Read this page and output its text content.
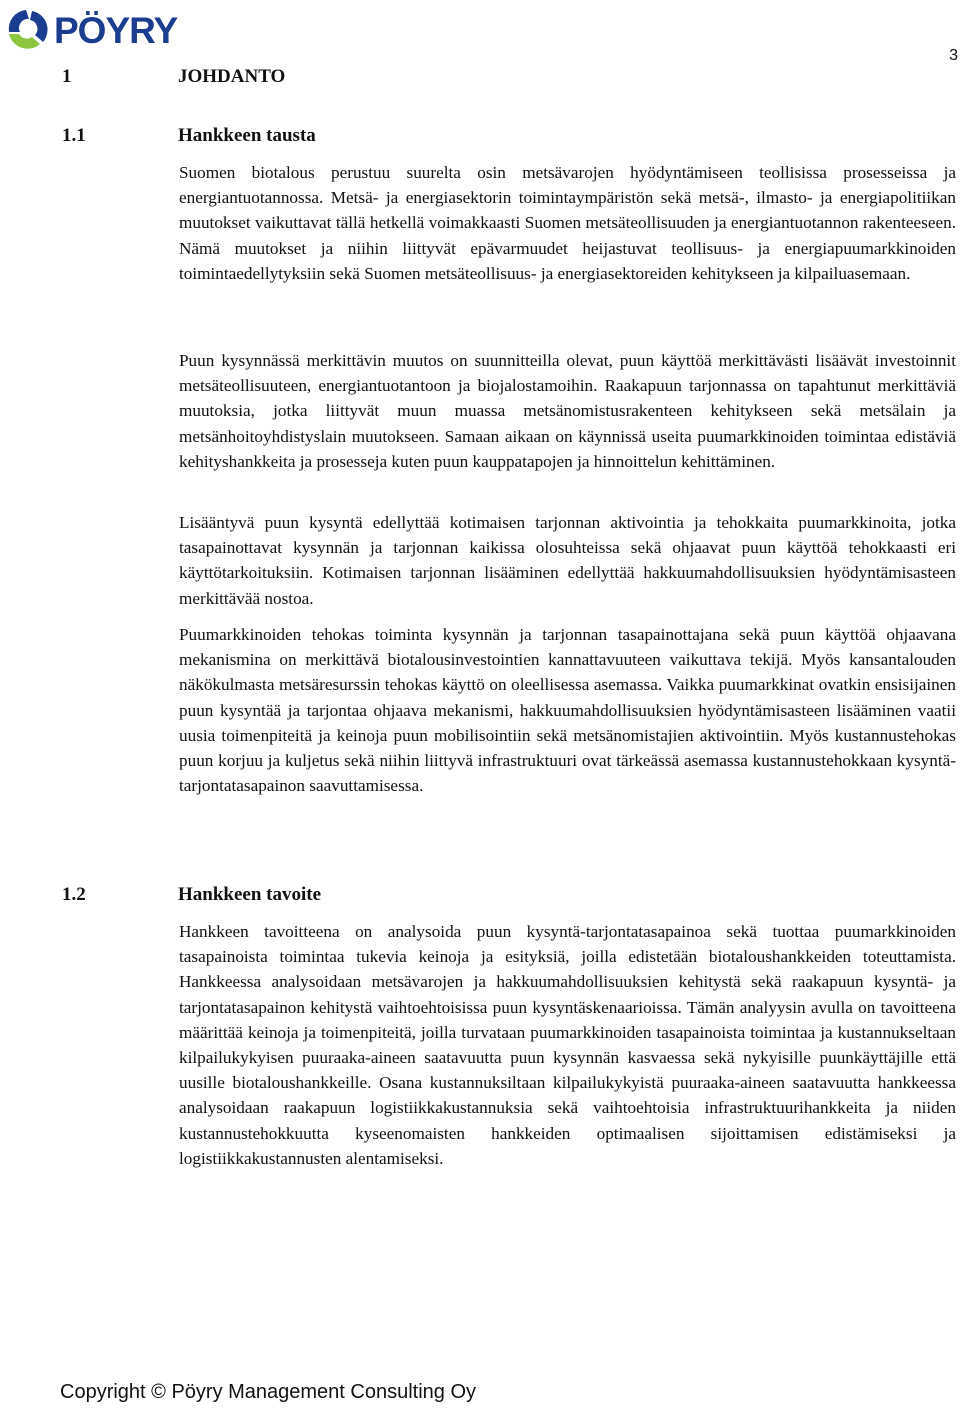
PÖYRY
3
1	JOHDANTO
1.1	Hankkeen tausta

Suomen biotalous perustuu suurelta osin metsävarojen hyödyntämiseen teollisissa prosesseissa ja energiantuotannossa. Metsä- ja energiasektorin toimintaympäristön sekä metsä-, ilmasto- ja energiapolitiikan muutokset vaikuttavat tällä hetkellä voimakkaasti Suomen metsäteollisuuden ja energiantuotannon rakenteeseen. Nämä muutokset ja niihin liittyvät epävarmuudet heijastuvat teollisuus- ja energiapuumarkkinoiden toimintaedellytyksiin sekä Suomen metsäteollisuus- ja energiasektoreiden kehitykseen ja kilpailuasemaan.

Puun kysynnässä merkittävin muutos on suunnitteilla olevat, puun käyttöä merkittävästi lisäävät investoinnit metsäteollisuuteen, energiantuotantoon ja biojalostamoihin. Raakapuun tarjonnassa on tapahtunut merkittäviä muutoksia, jotka liittyvät muun muassa metsänomistusrakenteen kehitykseen sekä metsälain ja metsänhoitoyhdistyslain muutokseen. Samaan aikaan on käynnissä useita puumarkkinoiden toimintaa edistäviä kehityshankkeita ja prosesseja kuten puun kauppatapojen ja hinnoittelun kehittäminen.

Lisääntyvä puun kysyntä edellyttää kotimaisen tarjonnan aktivointia ja tehokkaita puumarkkinoita, jotka tasapainottavat kysynnän ja tarjonnan kaikissa olosuhteissa sekä ohjaavat puun käyttöä tehokkaasti eri käyttötarkoituksiin. Kotimaisen tarjonnan lisääminen edellyttää hakkuumahdollisuuksien hyödyntämisasteen merkittävää nostoa.

Puumarkkinoiden tehokas toiminta kysynnän ja tarjonnan tasapainottajana sekä puun käyttöä ohjaavana mekanismina on merkittävä biotalousinvestointien kannattavuuteen vaikuttava tekijä. Myös kansantalouden näkökulmasta metsäresurssin tehokas käyttö on oleellisessa asemassa. Vaikka puumarkkinat ovatkin ensisijainen puun kysyntää ja tarjontaa ohjaava mekanismi, hakkuumahdollisuuksien hyödyntämisasteen lisääminen vaatii uusia toimenpiteitä ja keinoja puun mobilisointiin sekä metsänomistajien aktivointiin. Myös kustannustehokas puun korjuu ja kuljetus sekä niihin liittyvä infrastruktuuri ovat tärkeässä asemassa kustannustehokkaan kysyntä-tarjontatasapainon saavuttamisessa.

1.2	Hankkeen tavoite

Hankkeen tavoitteena on analysoida puun kysyntä-tarjontatasapainoa sekä tuottaa puumarkkinoiden tasapainoista toimintaa tukevia keinoja ja esityksiä, joilla edistetään biotaloushankkeiden toteuttamista. Hankkeessa analysoidaan metsävarojen ja hakkuumahdollisuuksien kehitystä sekä raakapuun kysyntä- ja tarjontatasapainon kehitystä vaihtoehtoisissa puun kysyntäskenaarioissa. Tämän analyysin avulla on tavoitteena määrittää keinoja ja toimenpiteitä, joilla turvataan puumarkkinoiden tasapainoista toimintaa ja kustannukseltaan kilpailukykyisen puuraaka-aineen saatavuutta puun kysynnän kasvaessa sekä nykyisille puunkäyttäjille että uusille biotaloushankkeille. Osana kustannuksiltaan kilpailukykyistä puuraaka-aineen saatavuutta hankkeessa analysoidaan raakapuun logistiikkakustannuksia sekä vaihtoehtoisia infrastruktuurihankkeita ja niiden kustannustehokkuutta kyseenomaisten hankkeiden optimaalisen sijoittamisen edistämiseksi ja logistiikkakustannusten alentamiseksi.

Copyright © Pöyry Management Consulting Oy
